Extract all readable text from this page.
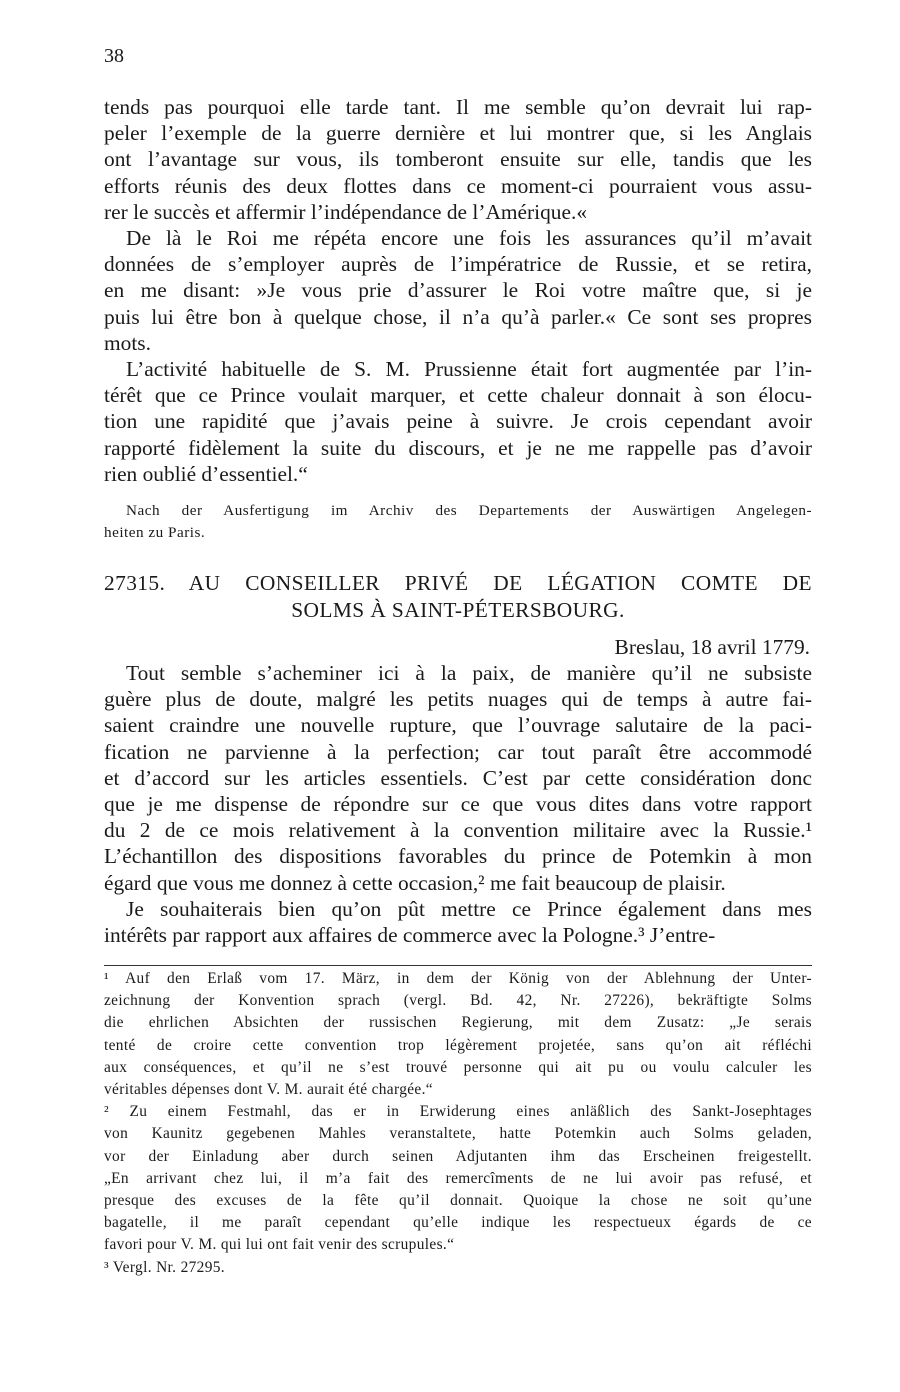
38
tends pas pourquoi elle tarde tant. Il me semble qu’on devrait lui rap-
peler l’exemple de la guerre dernière et lui montrer que, si les Anglais
ont l’avantage sur vous, ils tomberont ensuite sur elle, tandis que les
efforts réunis des deux flottes dans ce moment-ci pourraient vous assu-
rer le succès et affermir l’indépendance de l’Amérique.«
De là le Roi me répéta encore une fois les assurances qu’il m’avait
données de s’employer auprès de l’impératrice de Russie, et se retira,
en me disant: »Je vous prie d’assurer le Roi votre maître que, si je
puis lui être bon à quelque chose, il n’a qu’à parler.« Ce sont ses propres
mots.
L’activité habituelle de S. M. Prussienne était fort augmentée par l’in-
térêt que ce Prince voulait marquer, et cette chaleur donnait à son élocu-
tion une rapidité que j’avais peine à suivre. Je crois cependant avoir
rapporté fidèlement la suite du discours, et je ne me rappelle pas d’avoir
rien oublié d’essentiel.“
Nach der Ausfertigung im Archiv des Departements der Auswärtigen Angelegen-
heiten zu Paris.
27315. AU CONSEILLER PRIVÉ DE LÉGATION COMTE DE
SOLMS À SAINT-PÉTERSBOURG.
Breslau, 18 avril 1779.
Tout semble s’acheminer ici à la paix, de manière qu’il ne subsiste
guère plus de doute, malgré les petits nuages qui de temps à autre fai-
saient craindre une nouvelle rupture, que l’ouvrage salutaire de la paci-
fication ne parvienne à la perfection; car tout paraît être accommodé
et d’accord sur les articles essentiels. C’est par cette considération donc
que je me dispense de répondre sur ce que vous dites dans votre rapport
du 2 de ce mois relativement à la convention militaire avec la Russie.¹
L’échantillon des dispositions favorables du prince de Potemkin à mon
égard que vous me donnez à cette occasion,² me fait beaucoup de plaisir.
Je souhaiterais bien qu’on pût mettre ce Prince également dans mes
intérêts par rapport aux affaires de commerce avec la Pologne.³ J’entre-
¹ Auf den Erlaß vom 17. März, in dem der König von der Ablehnung der Unter-
zeichnung der Konvention sprach (vergl. Bd. 42, Nr. 27226), bekräftigte Solms
die ehrlichen Absichten der russischen Regierung, mit dem Zusatz: „Je serais
tenté de croire cette convention trop légèrement projetée, sans qu’on ait réfléchi
aux conséquences, et qu’il ne s’est trouvé personne qui ait pu ou voulu calculer les
véritables dépenses dont V. M. aurait été chargée.“
² Zu einem Festmahl, das er in Erwiderung eines anläßlich des Sankt-Josephtages
von Kaunitz gegebenen Mahles veranstaltete, hatte Potemkin auch Solms geladen,
vor der Einladung aber durch seinen Adjutanten ihm das Erscheinen freigestellt.
„En arrivant chez lui, il m’a fait des remercîments de ne lui avoir pas refusé, et
presque des excuses de la fête qu’il donnait. Quoique la chose ne soit qu’une
bagatelle, il me paraît cependant qu’elle indique les respectueux égards de ce
favori pour V. M. qui lui ont fait venir des scrupules.“
³ Vergl. Nr. 27295.
